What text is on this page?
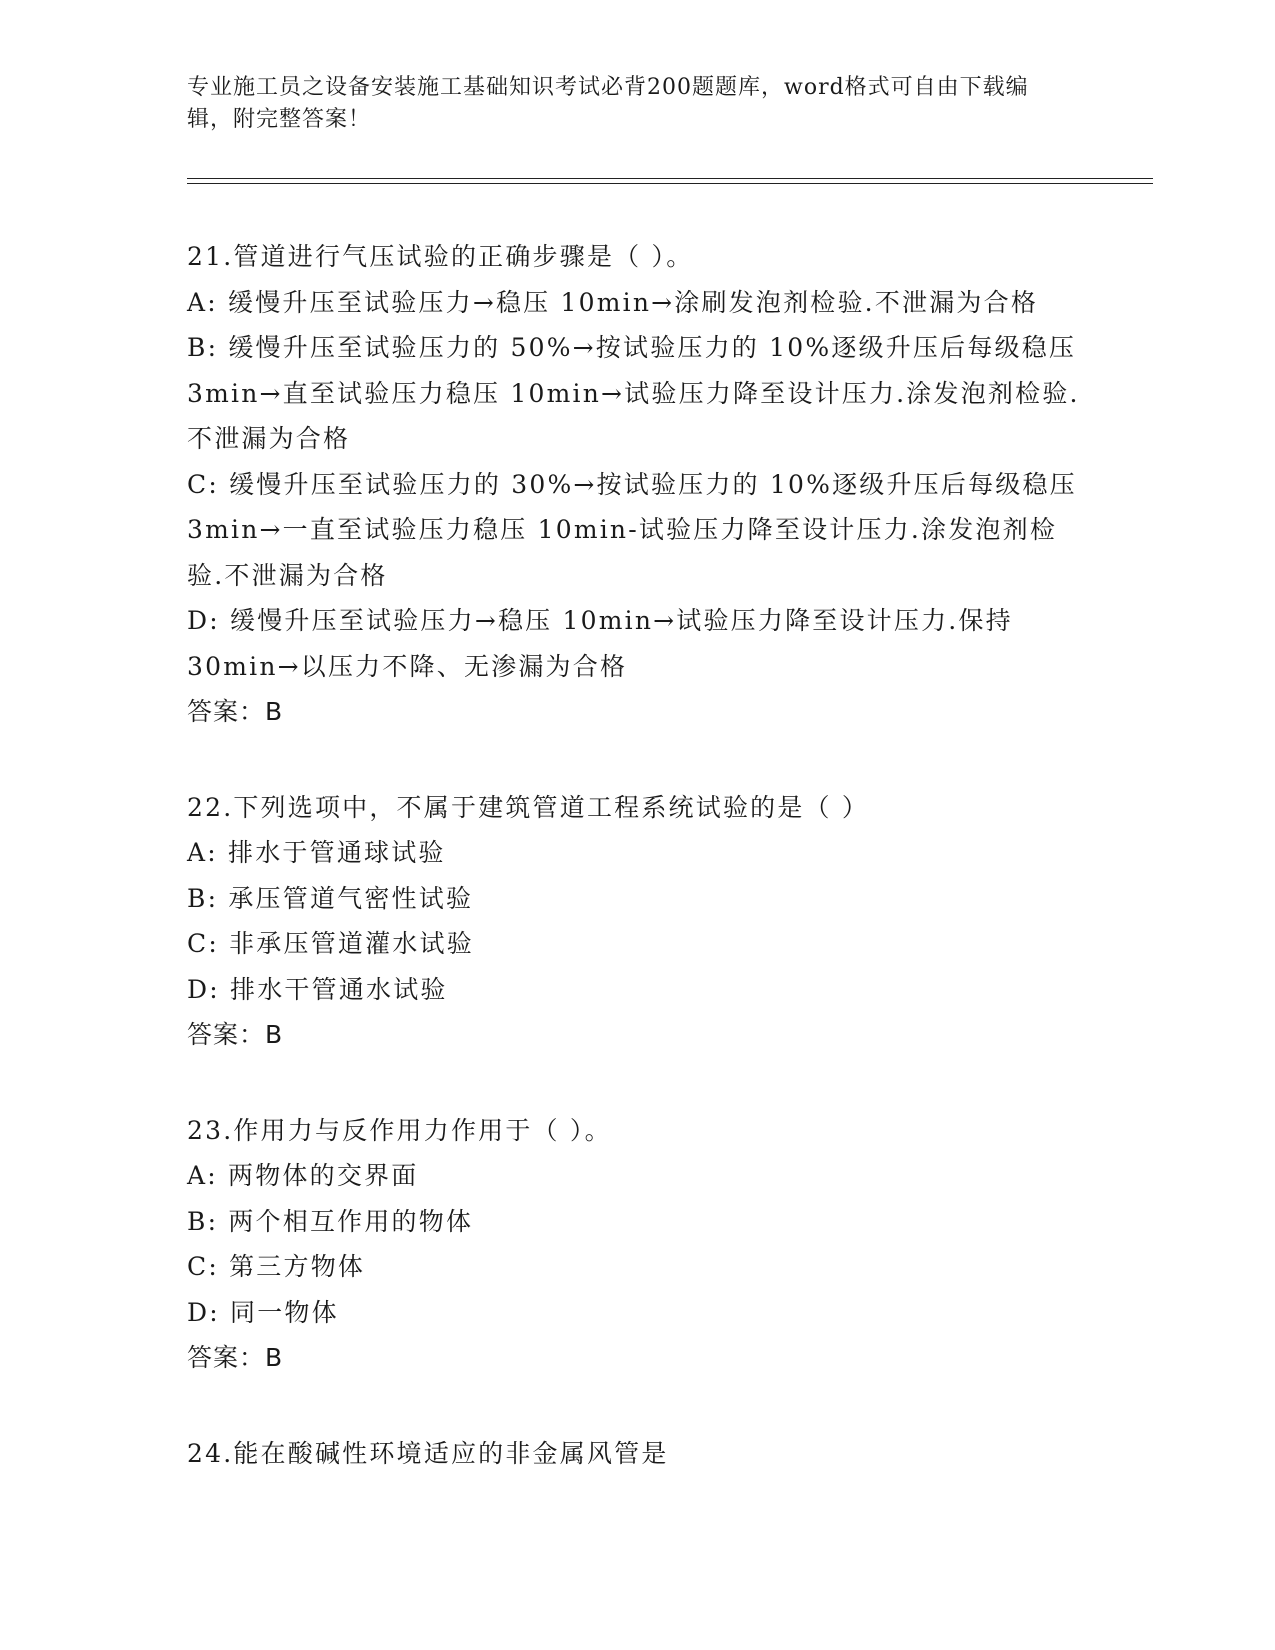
专业施工员之设备安装施工基础知识考试必背200题题库，word格式可自由下载编辑，附完整答案！
21.管道进行气压试验的正确步骤是（ ）。
A: 缓慢升压至试验压力→稳压 10min→涂刷发泡剂检验.不泄漏为合格
B: 缓慢升压至试验压力的 50%→按试验压力的 10%逐级升压后每级稳压 3min→直至试验压力稳压 10min→试验压力降至设计压力.涂发泡剂检验.不泄漏为合格
C: 缓慢升压至试验压力的 30%→按试验压力的 10%逐级升压后每级稳压 3min→一直至试验压力稳压 10min-试验压力降至设计压力.涂发泡剂检验.不泄漏为合格
D: 缓慢升压至试验压力→稳压 10min→试验压力降至设计压力.保持30min→以压力不降、无渗漏为合格
答案：B
22.下列选项中，不属于建筑管道工程系统试验的是（ ）
A: 排水于管通球试验
B: 承压管道气密性试验
C: 非承压管道灌水试验
D: 排水干管通水试验
答案：B
23.作用力与反作用力作用于（ ）。
A: 两物体的交界面
B: 两个相互作用的物体
C: 第三方物体
D: 同一物体
答案：B
24.能在酸碱性环境适应的非金属风管是
